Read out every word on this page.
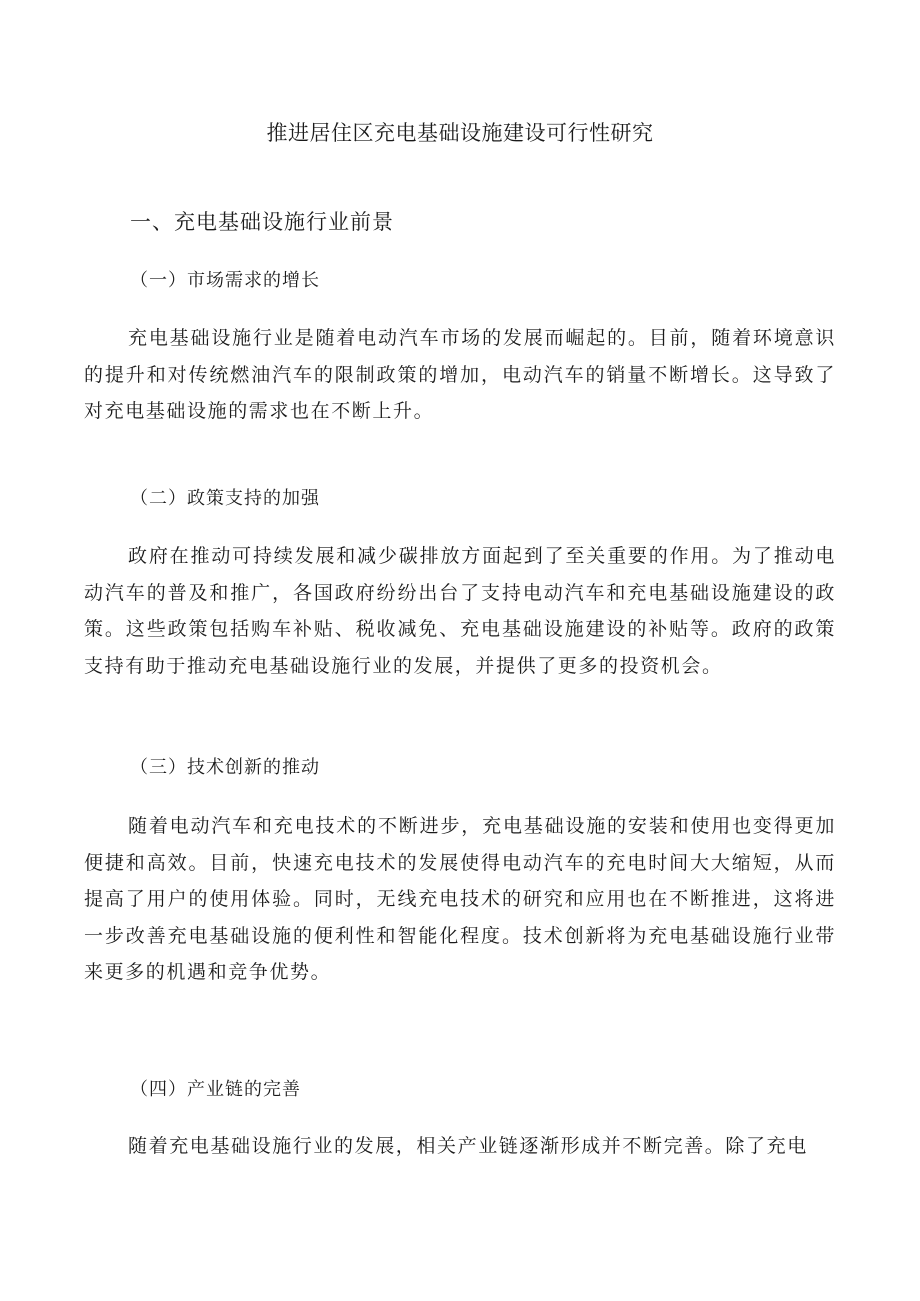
推进居住区充电基础设施建设可行性研究
一、充电基础设施行业前景
（一）市场需求的增长

充电基础设施行业是随着电动汽车市场的发展而崛起的。目前，随着环境意识的提升和对传统燃油汽车的限制政策的增加，电动汽车的销量不断增长。这导致了对充电基础设施的需求也在不断上升。

（二）政策支持的加强

政府在推动可持续发展和减少碳排放方面起到了至关重要的作用。为了推动电动汽车的普及和推广，各国政府纷纷出台了支持电动汽车和充电基础设施建设的政策。这些政策包括购车补贴、税收减免、充电基础设施建设的补贴等。政府的政策支持有助于推动充电基础设施行业的发展，并提供了更多的投资机会。

（三）技术创新的推动

随着电动汽车和充电技术的不断进步，充电基础设施的安装和使用也变得更加便捷和高效。目前，快速充电技术的发展使得电动汽车的充电时间大大缩短，从而提高了用户的使用体验。同时，无线充电技术的研究和应用也在不断推进，这将进一步改善充电基础设施的便利性和智能化程度。技术创新将为充电基础设施行业带来更多的机遇和竞争优势。

（四）产业链的完善

随着充电基础设施行业的发展，相关产业链逐渐形成并不断完善。除了充电
